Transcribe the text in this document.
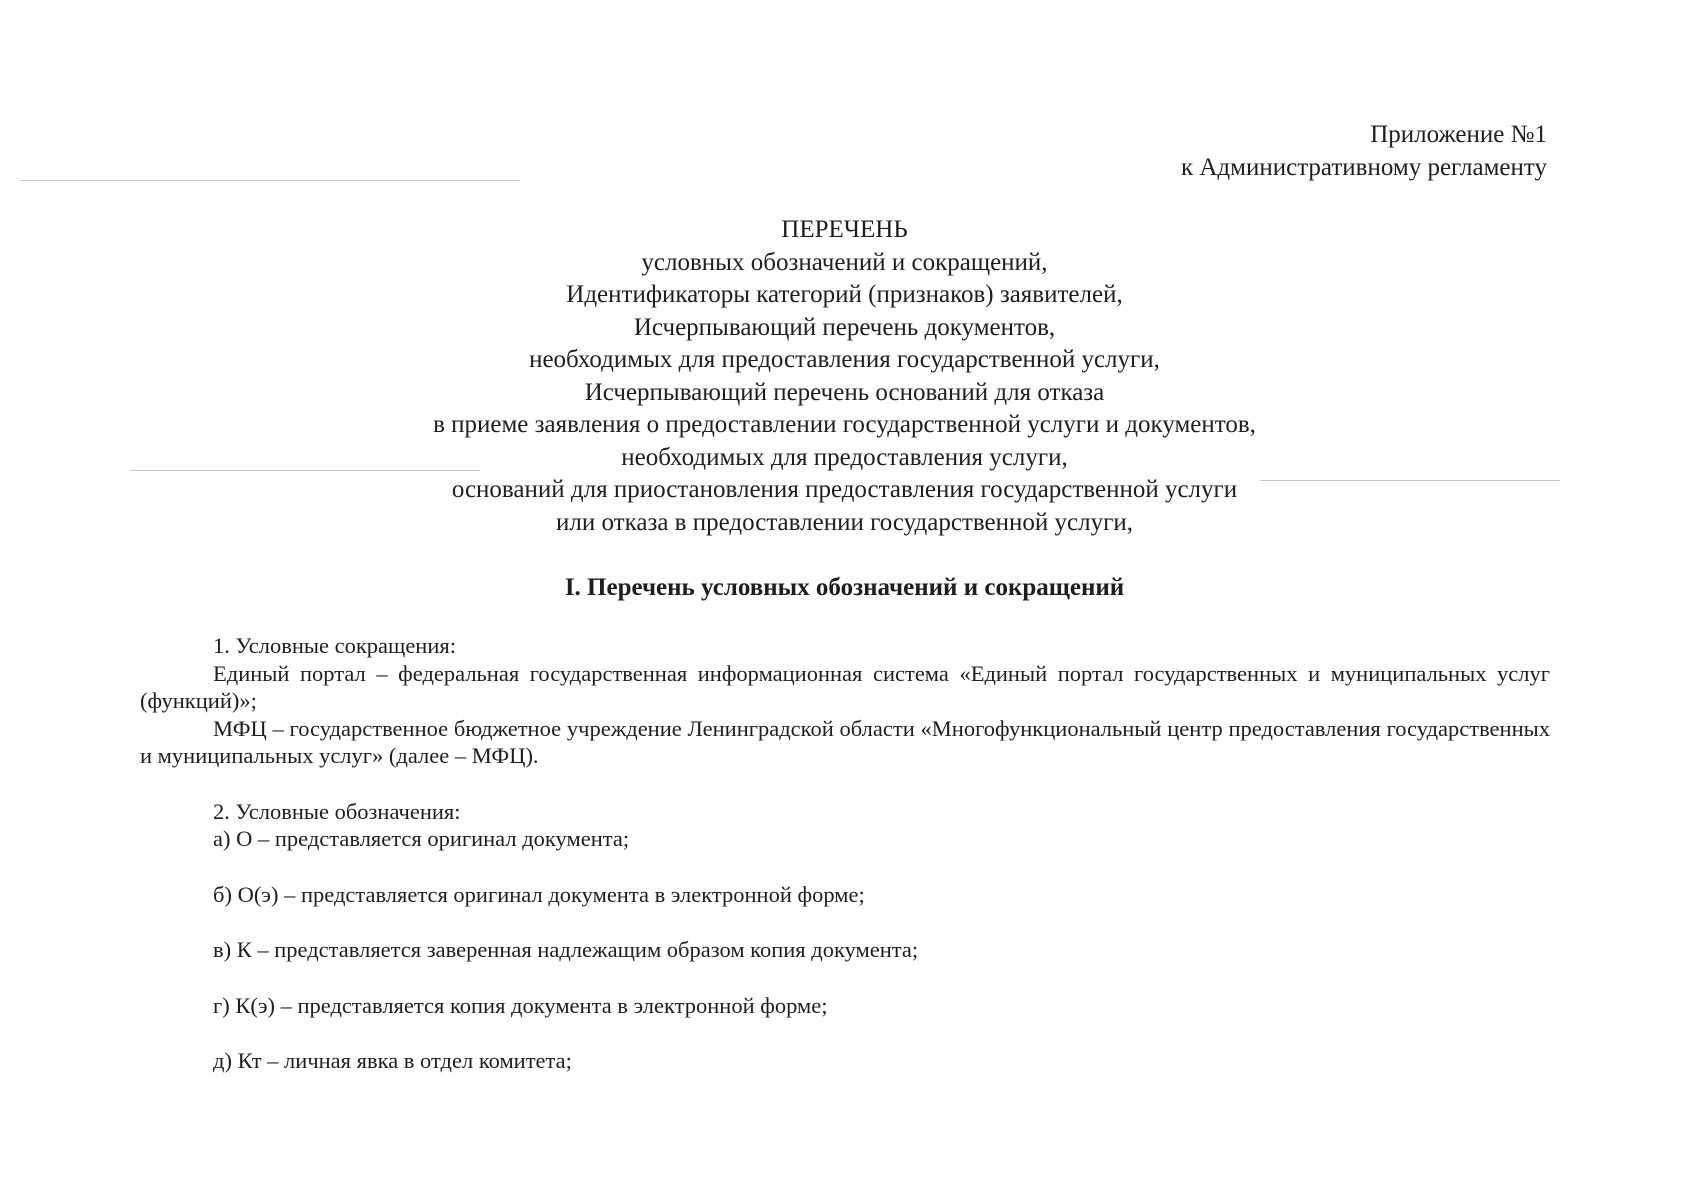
Приложение №1
к Административному регламенту
ПЕРЕЧЕНЬ
условных обозначений и сокращений,
Идентификаторы категорий (признаков) заявителей,
Исчерпывающий перечень документов,
необходимых для предоставления государственной услуги,
Исчерпывающий перечень оснований для отказа
в приеме заявления о предоставлении государственной услуги и документов,
необходимых для предоставления услуги,
оснований для приостановления предоставления государственной услуги
или отказа в предоставлении государственной услуги,
I. Перечень условных обозначений и сокращений

1. Условные сокращения:

Единый портал – федеральная государственная информационная система «Единый портал государственных и муниципальных услуг (функций)»;

МФЦ – государственное бюджетное учреждение Ленинградской области «Многофункциональный центр предоставления государственных и муниципальных услуг» (далее – МФЦ).

2. Условные обозначения:

а) О – представляется оригинал документа;

б) О(э) – представляется оригинал документа в электронной форме;

в) К – представляется заверенная надлежащим образом копия документа;

г) К(э) – представляется копия документа в электронной форме;

д) Кт – личная явка в отдел комитета;
